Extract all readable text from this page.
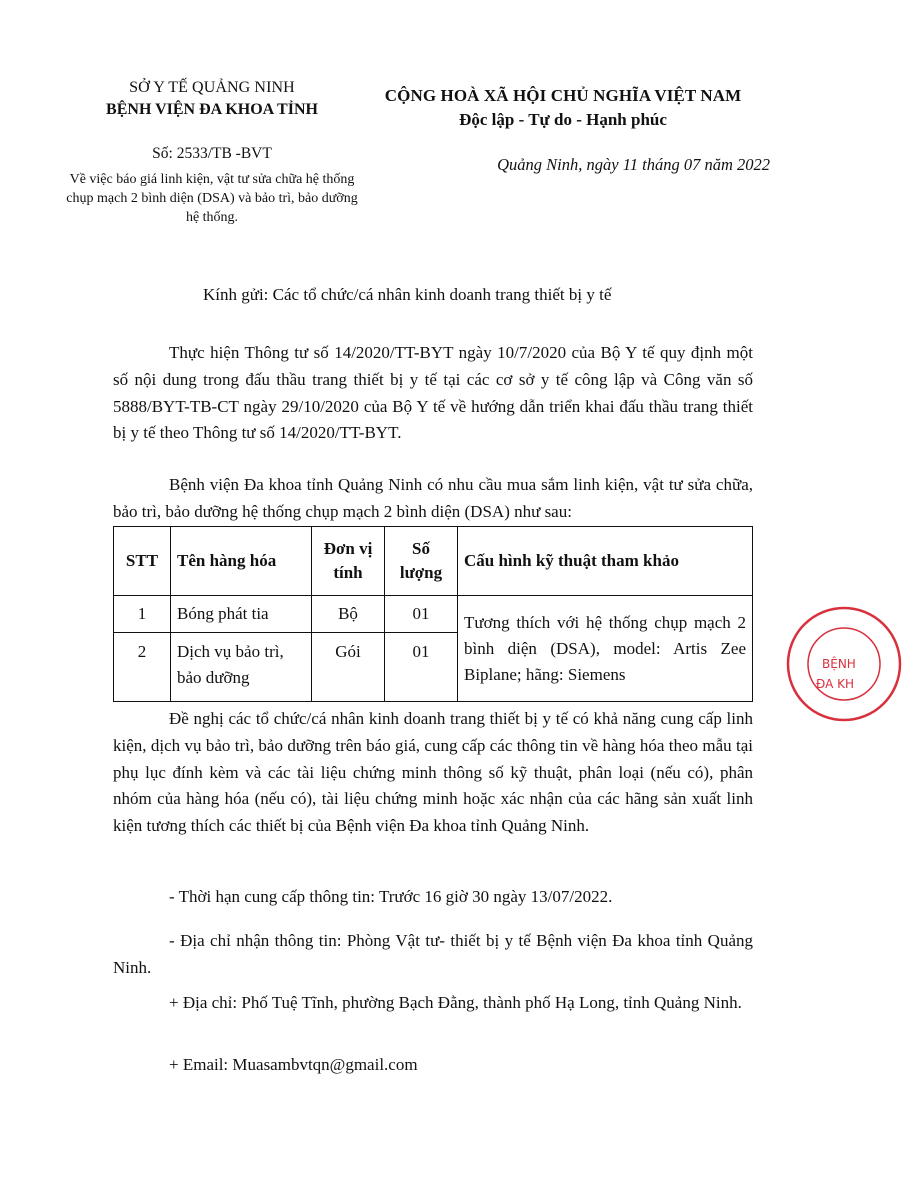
SỞ Y TẾ QUẢNG NINH
BỆNH VIỆN ĐA KHOA TỈNH
Số: 2533/TB -BVT
Về việc báo giá linh kiện, vật tư sửa chữa hệ thống chụp mạch 2 bình diện (DSA) và bảo trì, bảo dưỡng hệ thống.
CỘNG HOÀ XÃ HỘI CHỦ NGHĨA VIỆT NAM
Độc lập - Tự do - Hạnh phúc
Quảng Ninh, ngày 11 tháng 07 năm 2022
Kính gửi: Các tổ chức/cá nhân kinh doanh trang thiết bị y tế

Thực hiện Thông tư số 14/2020/TT-BYT ngày 10/7/2020 của Bộ Y tế quy định một số nội dung trong đấu thầu trang thiết bị y tế tại các cơ sở y tế công lập và Công văn số 5888/BYT-TB-CT ngày 29/10/2020 của Bộ Y tế về hướng dẫn triển khai đấu thầu trang thiết bị y tế theo Thông tư số 14/2020/TT-BYT.

Bệnh viện Đa khoa tỉnh Quảng Ninh có nhu cầu mua sắm linh kiện, vật tư sửa chữa, bảo trì, bảo dưỡng hệ thống chụp mạch 2 bình diện (DSA) như sau:

STT	Tên hàng hóa	Đơn vị tính	Số lượng	Cấu hình kỹ thuật tham khảo
1	Bóng phát tia	Bộ	01	Tương thích với hệ thống chụp mạch 2 bình diện (DSA), model: Artis Zee Biplane; hãng: Siemens
2	Dịch vụ bảo trì, bảo dưỡng	Gói	01	

Đề nghị các tổ chức/cá nhân kinh doanh trang thiết bị y tế có khả năng cung cấp linh kiện, dịch vụ bảo trì, bảo dưỡng trên báo giá, cung cấp các thông tin về hàng hóa theo mẫu tại phụ lục đính kèm và các tài liệu chứng minh thông số kỹ thuật, phân loại (nếu có), phân nhóm của hàng hóa (nếu có), tài liệu chứng minh hoặc xác nhận của các hãng sản xuất linh kiện tương thích các thiết bị của Bệnh viện Đa khoa tỉnh Quảng Ninh.

- Thời hạn cung cấp thông tin: Trước 16 giờ 30 ngày 13/07/2022.

- Địa chỉ nhận thông tin: Phòng Vật tư- thiết bị y tế Bệnh viện Đa khoa tỉnh Quảng Ninh.

+ Địa chỉ: Phố Tuệ Tĩnh, phường Bạch Đằng, thành phố Hạ Long, tỉnh Quảng Ninh.

+ Email: Muasambvtqn@gmail.com

BỆNH
ĐA KH
